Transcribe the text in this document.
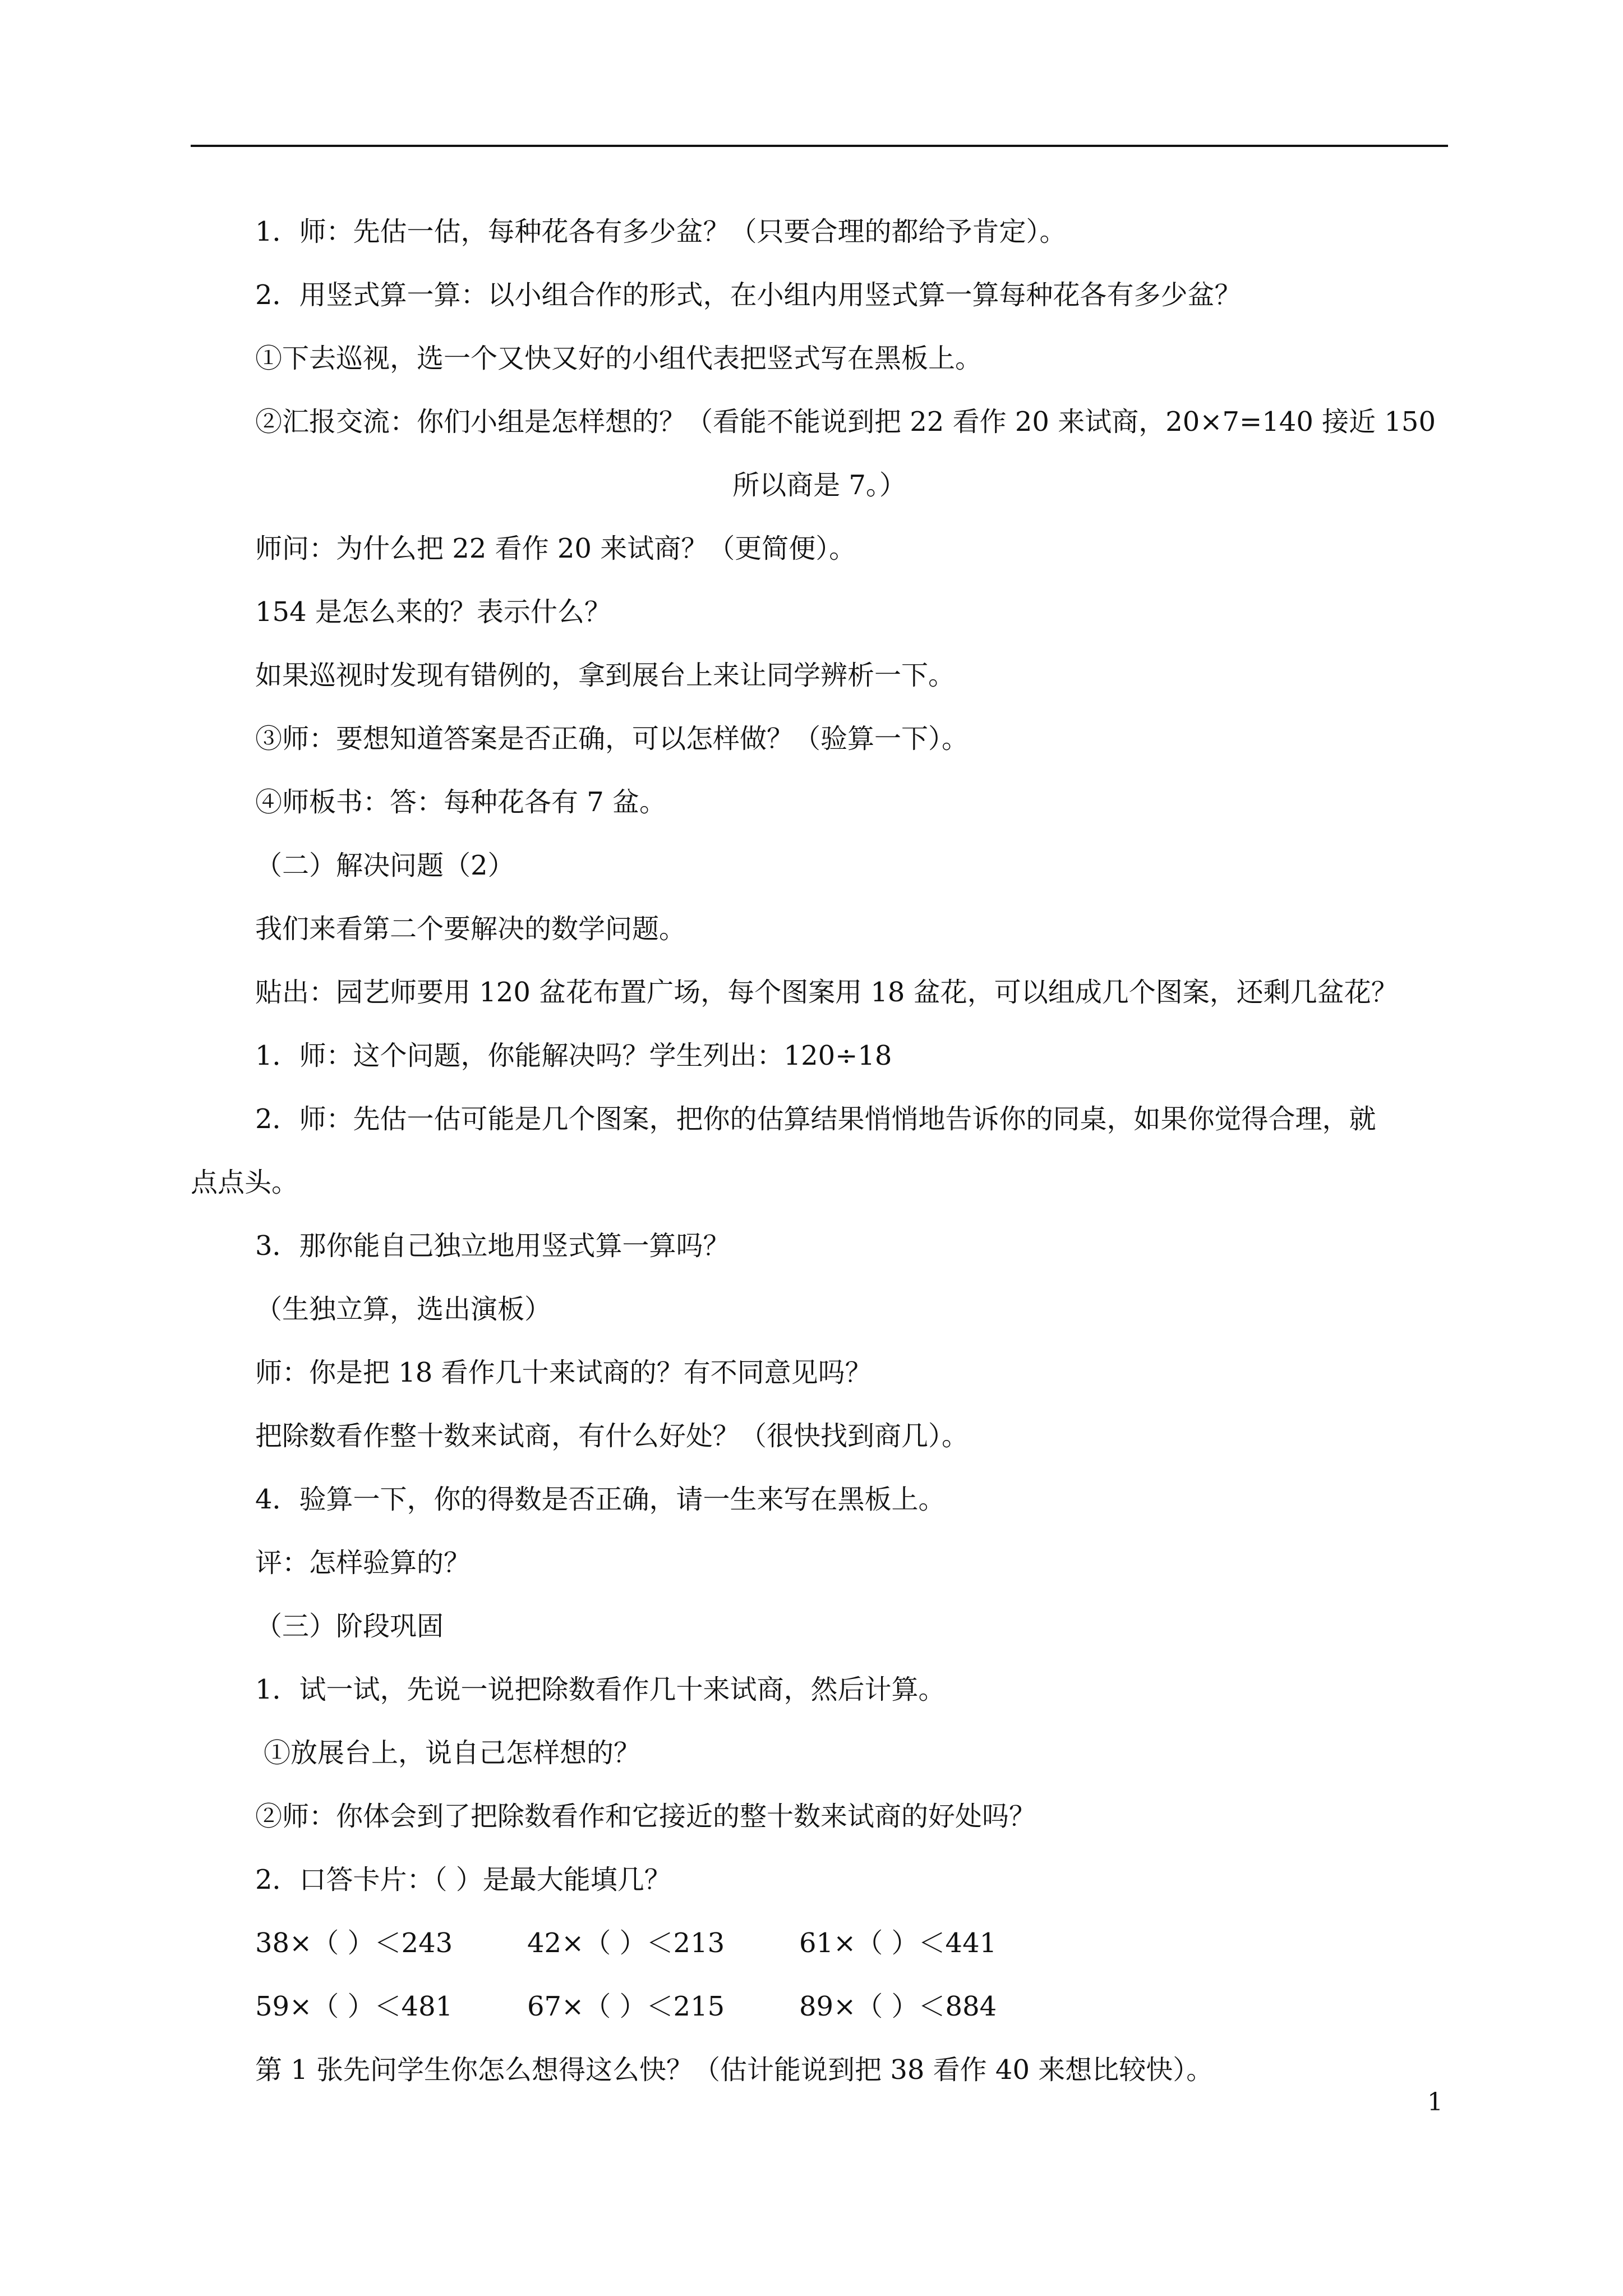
1．师：先估一估，每种花各有多少盆？（只要合理的都给予肯定）。
2．用竖式算一算：以小组合作的形式，在小组内用竖式算一算每种花各有多少盆？
①下去巡视，选一个又快又好的小组代表把竖式写在黑板上。
②汇报交流：你们小组是怎样想的？（看能不能说到把 22 看作 20 来试商，20×7=140 接近 150
所以商是 7。）
师问：为什么把 22 看作 20 来试商？（更简便）。
154 是怎么来的？表示什么？
如果巡视时发现有错例的，拿到展台上来让同学辨析一下。
③师：要想知道答案是否正确，可以怎样做？（验算一下）。
④师板书：答：每种花各有 7 盆。
（二）解决问题（2）
我们来看第二个要解决的数学问题。
贴出：园艺师要用 120 盆花布置广场，每个图案用 18 盆花，可以组成几个图案，还剩几盆花？
1．师：这个问题，你能解决吗？学生列出：120÷18
2．师：先估一估可能是几个图案，把你的估算结果悄悄地告诉你的同桌，如果你觉得合理，就
点点头。
3．那你能自己独立地用竖式算一算吗？
（生独立算，选出演板）
师：你是把 18 看作几十来试商的？有不同意见吗？
把除数看作整十数来试商，有什么好处？（很快找到商几）。
4．验算一下，你的得数是否正确，请一生来写在黑板上。
评：怎样验算的？
（三）阶段巩固
1．试一试，先说一说把除数看作几十来试商，然后计算。
①放展台上，说自己怎样想的？
②师：你体会到了把除数看作和它接近的整十数来试商的好处吗？
2．口答卡片：（ ）是最大能填几？
38×（ ）＜243	42×（ ）＜213	61×（ ）＜441
59×（ ）＜481	67×（ ）＜215	89×（ ）＜884
第 1 张先问学生你怎么想得这么快？（估计能说到把 38 看作 40 来想比较快）。
1
